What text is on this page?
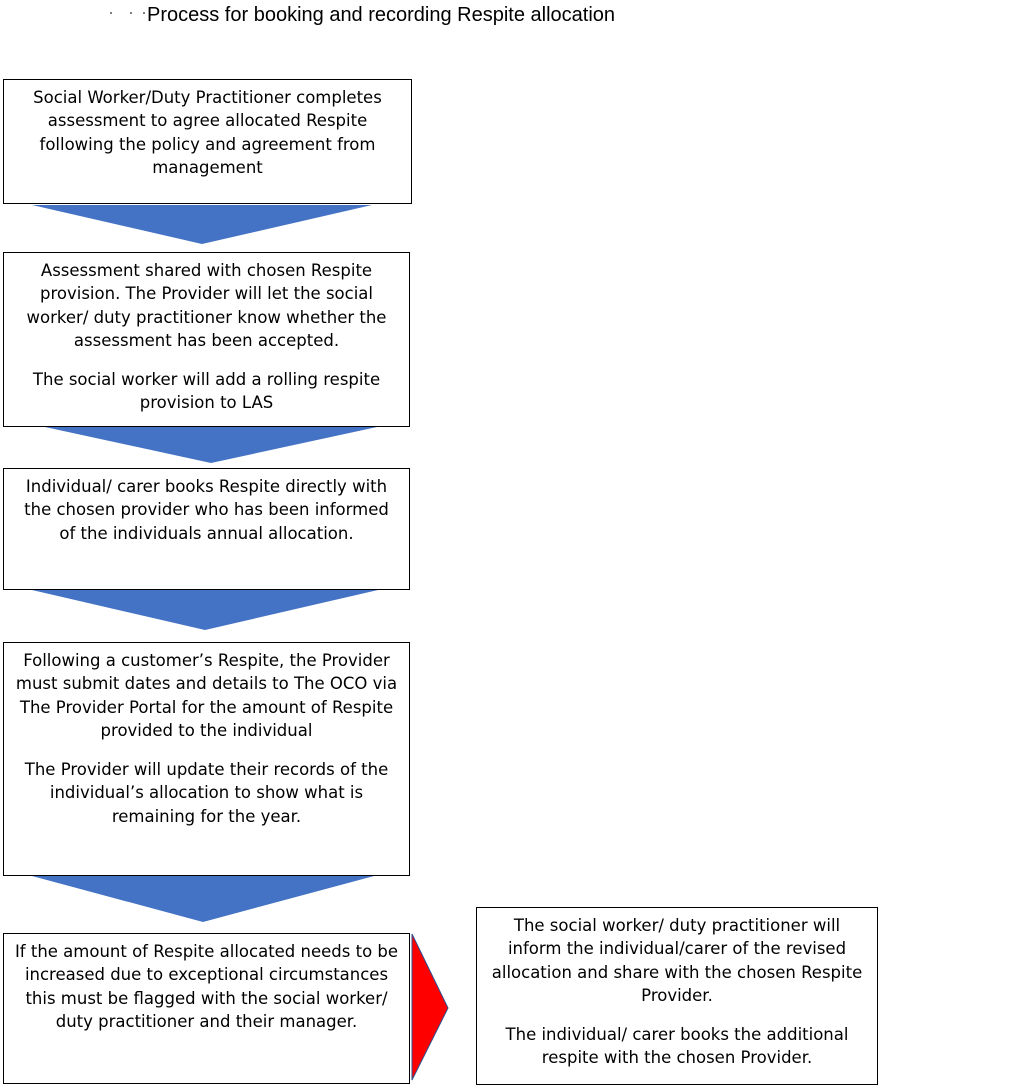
Process for booking and recording Respite allocation

Social Worker/Duty Practitioner completes assessment to agree allocated Respite following the policy and agreement from management

Assessment shared with chosen Respite provision. The Provider will let the social worker/ duty practitioner know whether the assessment has been accepted.

The social worker will add a rolling respite provision to LAS

Individual/ carer books Respite directly with the chosen provider who has been informed of the individuals annual allocation.

Following a customer’s Respite, the Provider must submit dates and details to The OCO via The Provider Portal for the amount of Respite provided to the individual

The Provider will update their records of the individual’s allocation to show what is remaining for the year.

If the amount of Respite allocated needs to be increased due to exceptional circumstances this must be flagged with the social worker/ duty practitioner and their manager.

The social worker/ duty practitioner will inform the individual/carer of the revised allocation and share with the chosen Respite Provider.

The individual/ carer books the additional respite with the chosen Provider.
